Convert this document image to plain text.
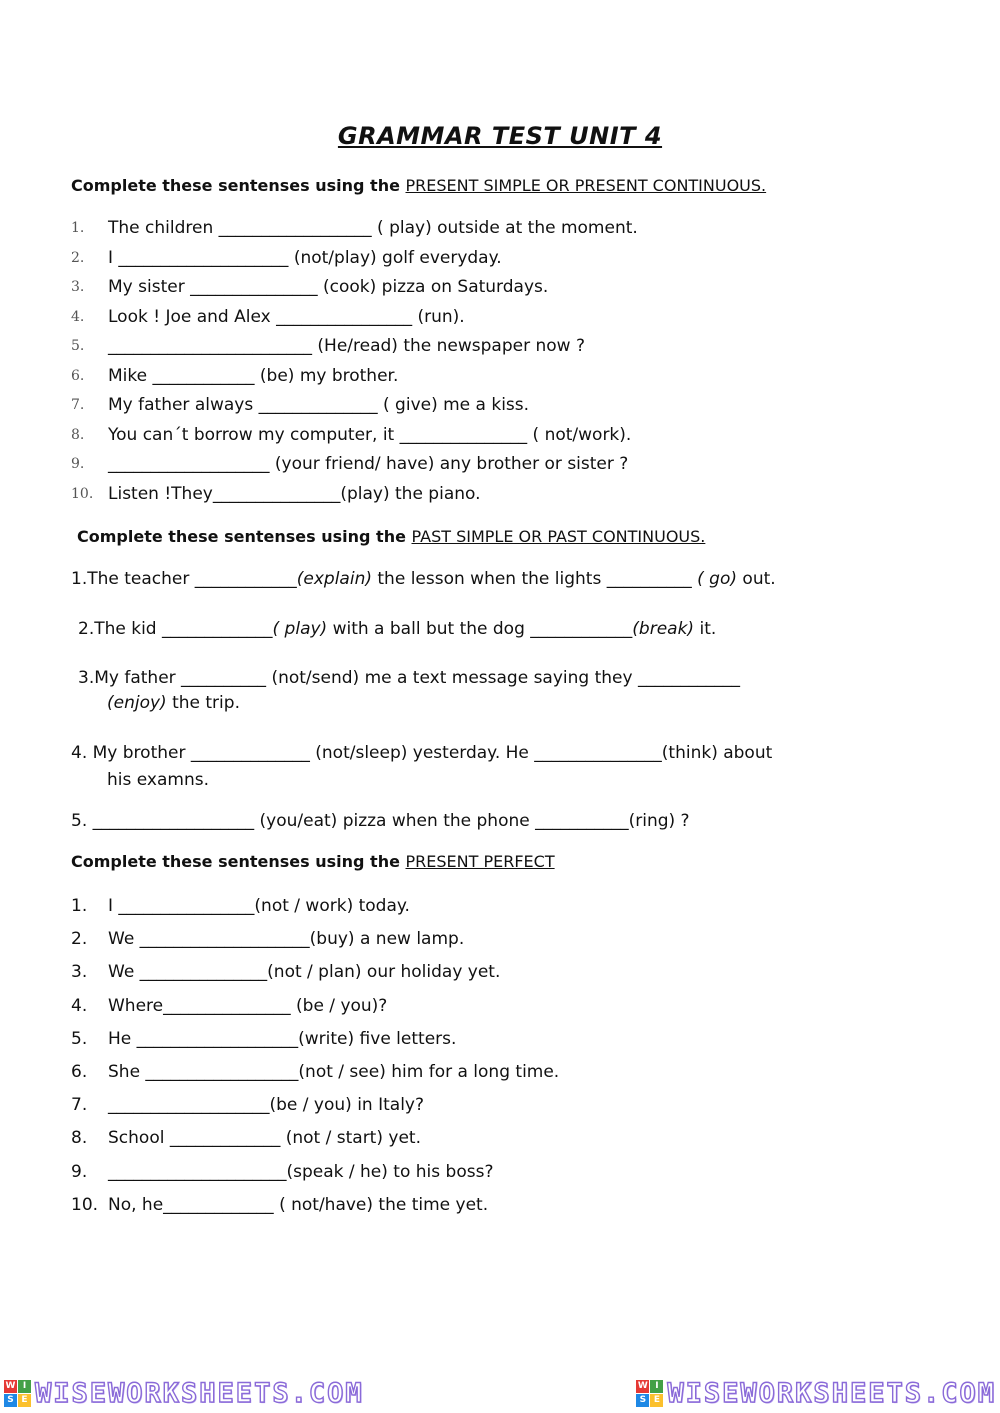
GRAMMAR TEST UNIT 4
Complete these sentenses using the PRESENT SIMPLE OR PRESENT CONTINUOUS.
1.	The children __________________ ( play) outside at the moment.
2.	I ____________________ (not/play) golf everyday.
3.	My sister _______________ (cook) pizza on Saturdays.
4.	Look ! Joe and Alex ________________ (run).
5.	________________________ (He/read) the newspaper now ?
6.	Mike ____________ (be) my brother.
7.	My father always ______________ ( give) me a kiss.
8.	You can´t borrow my computer, it _______________ ( not/work).
9.	___________________ (your friend/ have) any brother or sister ?
10. Listen !They_______________(play) the piano.
Complete these sentenses using the PAST SIMPLE OR PAST CONTINUOUS.
1.The teacher ____________(explain) the lesson when the lights __________ ( go) out.
2.The kid _____________( play) with a ball but the dog ____________(break) it.
3.My father __________ (not/send) me a text message saying they ____________
(enjoy) the trip.
4. My brother ______________ (not/sleep) yesterday. He _______________(think) about
his examns.
5. ___________________ (you/eat) pizza when the phone ___________(ring) ?
Complete these sentenses using the PRESENT PERFECT
1. I ________________(not / work) today.
2. We ____________________(buy) a new lamp.
3. We _______________(not / plan) our holiday yet.
4. Where_______________ (be / you)?
5. He ___________________(write) five letters.
6. She __________________(not / see) him for a long time.
7. ___________________(be / you) in Italy?
8. School _____________ (not / start) yet.
9. _____________________(speak / he) to his boss?
10. No, he_____________ ( not/have) the time yet.
W I
S E WISEWORKSHEETS.COM	W I
S E WISEWORKSHEETS.COM
